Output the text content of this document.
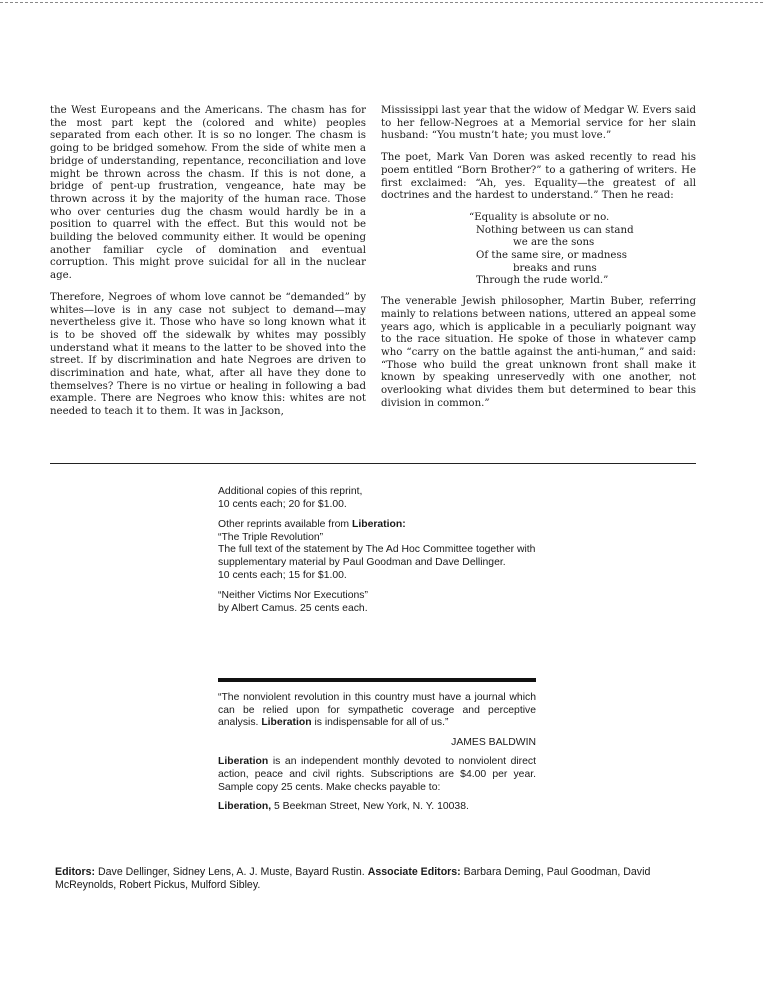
the West Europeans and the Americans. The chasm has for the most part kept the (colored and white) peoples separated from each other. It is so no longer. The chasm is going to be bridged somehow. From the side of white men a bridge of understanding, repentance, reconciliation and love might be thrown across the chasm. If this is not done, a bridge of pent-up frustration, vengeance, hate may be thrown across it by the majority of the human race. Those who over centuries dug the chasm would hardly be in a position to quarrel with the effect. But this would not be building the beloved community either. It would be opening another familiar cycle of domination and eventual corruption. This might prove suicidal for all in the nuclear age.

Therefore, Negroes of whom love cannot be “demanded” by whites—love is in any case not subject to demand—may nevertheless give it. Those who have so long known what it is to be shoved off the sidewalk by whites may possibly understand what it means to the latter to be shoved into the street. If by discrimination and hate Negroes are driven to discrimination and hate, what, after all have they done to themselves? There is no virtue or healing in following a bad example. There are Negroes who know this: whites are not needed to teach it to them. It was in Jackson,

Mississippi last year that the widow of Medgar W. Evers said to her fellow-Negroes at a Memorial service for her slain husband: “You mustn’t hate; you must love.”

The poet, Mark Van Doren was asked recently to read his poem entitled “Born Brother?” to a gathering of writers. He first exclaimed: “Ah, yes. Equality—the greatest of all doctrines and the hardest to understand.” Then he read:

“Equality is absolute or no.
Nothing between us can stand
we are the sons
Of the same sire, or madness
breaks and runs
Through the rude world.”

The venerable Jewish philosopher, Martin Buber, referring mainly to relations between nations, uttered an appeal some years ago, which is applicable in a peculiarly poignant way to the race situation. He spoke of those in whatever camp who “carry on the battle against the anti-human,” and said: “Those who build the great unknown front shall make it known by speaking unreservedly with one another, not overlooking what divides them but determined to bear this division in common.”

Additional copies of this reprint,
10 cents each; 20 for $1.00.

Other reprints available from Liberation:
“The Triple Revolution”
The full text of the statement by The Ad Hoc Committee together with supplementary material by Paul Goodman and Dave Dellinger.
10 cents each; 15 for $1.00.

“Neither Victims Nor Executions”
by Albert Camus. 25 cents each.

“The nonviolent revolution in this country must have a journal which can be relied upon for sympathetic coverage and perceptive analysis. Liberation is indispensable for all of us.”

JAMES BALDWIN

Liberation is an independent monthly devoted to nonviolent direct action, peace and civil rights. Subscriptions are $4.00 per year. Sample copy 25 cents. Make checks payable to:

Liberation, 5 Beekman Street, New York, N. Y. 10038.

Editors: Dave Dellinger, Sidney Lens, A. J. Muste, Bayard Rustin. Associate Editors: Barbara Deming, Paul Goodman, David McReynolds, Robert Pickus, Mulford Sibley.
